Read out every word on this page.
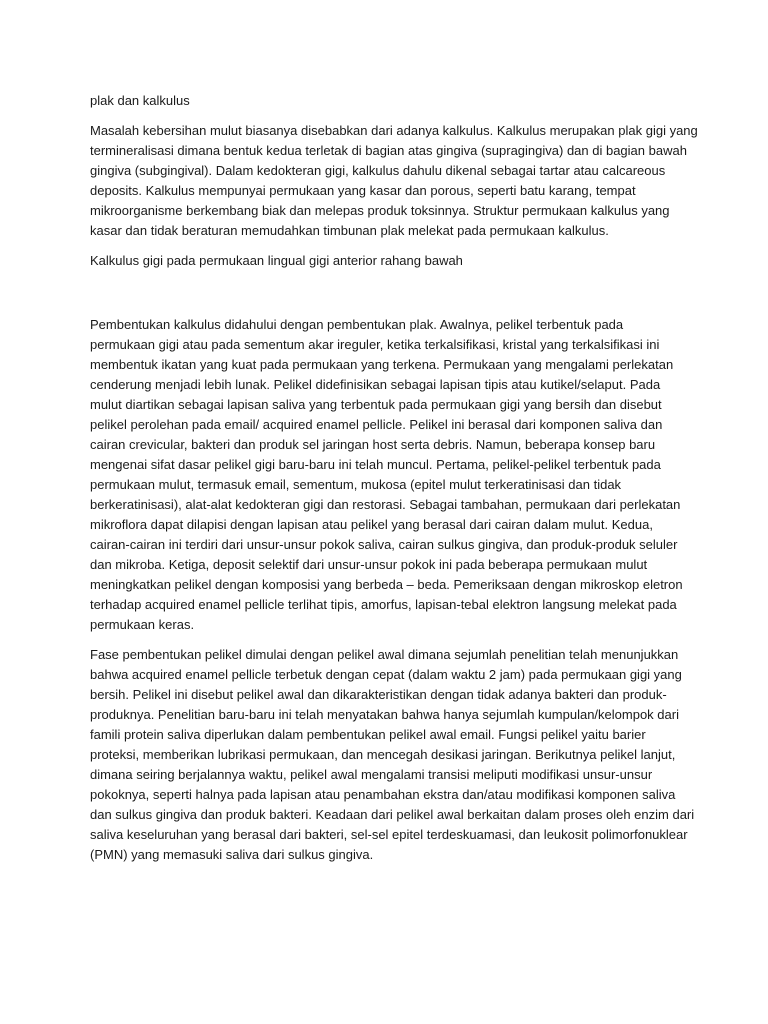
plak dan kalkulus
Masalah kebersihan mulut biasanya disebabkan dari adanya kalkulus. Kalkulus merupakan plak gigi yang
termineralisasi dimana bentuk kedua terletak di bagian atas gingiva (supragingiva) dan di bagian bawah
gingiva (subgingival). Dalam kedokteran gigi, kalkulus dahulu dikenal sebagai tartar atau calcareous
deposits. Kalkulus mempunyai permukaan yang kasar dan porous, seperti batu karang, tempat
mikroorganisme berkembang biak dan melepas produk toksinnya. Struktur permukaan kalkulus yang
kasar dan tidak beraturan memudahkan timbunan plak melekat pada permukaan kalkulus.
Kalkulus gigi pada permukaan lingual gigi anterior rahang bawah
Pembentukan kalkulus didahului dengan pembentukan plak. Awalnya, pelikel terbentuk pada
permukaan gigi atau pada sementum akar ireguler, ketika terkalsifikasi, kristal yang terkalsifikasi ini
membentuk ikatan yang kuat pada permukaan yang terkena. Permukaan yang mengalami perlekatan
cenderung menjadi lebih lunak. Pelikel didefinisikan sebagai lapisan tipis atau kutikel/selaput. Pada
mulut diartikan sebagai lapisan saliva yang terbentuk pada permukaan gigi yang bersih dan disebut
pelikel perolehan pada email/ acquired enamel pellicle. Pelikel ini berasal dari komponen saliva dan
cairan crevicular, bakteri dan produk sel jaringan host serta debris. Namun, beberapa konsep baru
mengenai sifat dasar pelikel gigi baru-baru ini telah muncul. Pertama, pelikel-pelikel terbentuk pada
permukaan mulut, termasuk email, sementum, mukosa (epitel mulut terkeratinisasi dan tidak
berkeratinisasi), alat-alat kedokteran gigi dan restorasi. Sebagai tambahan, permukaan dari perlekatan
mikroflora dapat dilapisi dengan lapisan atau pelikel yang berasal dari cairan dalam mulut. Kedua,
cairan-cairan ini terdiri dari unsur-unsur pokok saliva, cairan sulkus gingiva, dan produk-produk seluler
dan mikroba. Ketiga, deposit selektif dari unsur-unsur pokok ini pada beberapa permukaan mulut
meningkatkan pelikel dengan komposisi yang berbeda – beda. Pemeriksaan dengan mikroskop eletron
terhadap acquired enamel pellicle terlihat tipis, amorfus, lapisan-tebal elektron langsung melekat pada
permukaan keras.
Fase pembentukan pelikel dimulai dengan pelikel awal dimana sejumlah penelitian telah menunjukkan
bahwa acquired enamel pellicle terbetuk dengan cepat (dalam waktu 2 jam) pada permukaan gigi yang
bersih. Pelikel ini disebut pelikel awal dan dikarakteristikan dengan tidak adanya bakteri dan produk-
produknya. Penelitian baru-baru ini telah menyatakan bahwa hanya sejumlah kumpulan/kelompok dari
famili protein saliva diperlukan dalam pembentukan pelikel awal email. Fungsi pelikel yaitu barier
proteksi, memberikan lubrikasi permukaan, dan mencegah desikasi jaringan. Berikutnya pelikel lanjut,
dimana seiring berjalannya waktu, pelikel awal mengalami transisi meliputi modifikasi unsur-unsur
pokoknya, seperti halnya pada lapisan atau penambahan ekstra dan/atau modifikasi komponen saliva
dan sulkus gingiva dan produk bakteri. Keadaan dari pelikel awal berkaitan dalam proses oleh enzim dari
saliva keseluruhan yang berasal dari bakteri, sel-sel epitel terdeskuamasi, dan leukosit polimorfonuklear
(PMN) yang memasuki saliva dari sulkus gingiva.
